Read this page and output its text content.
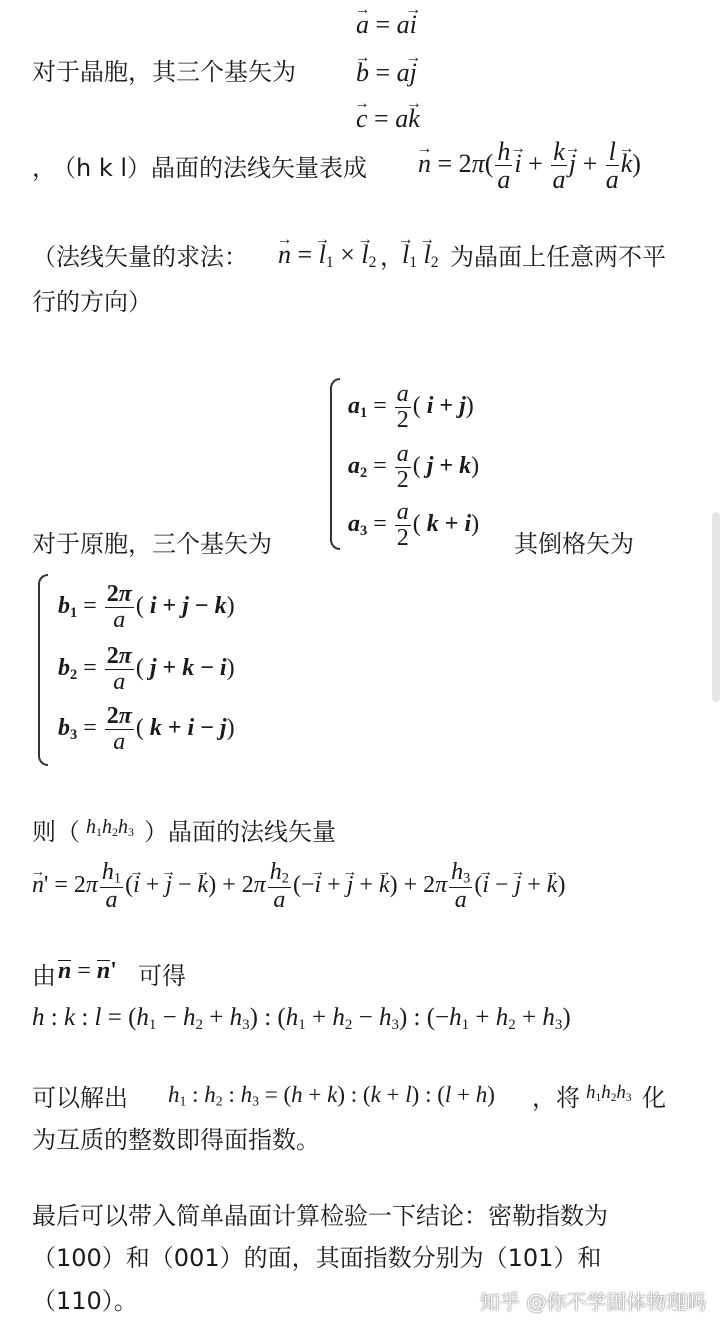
→ a = a→ i
对于晶胞，其三个基矢为
→ b = a→ j
→ c = a→ k
，
（h k l）晶面的法线矢量表成
→ $n = 2\pi( \frac{h}{a}$
→ $i + \frac{k}{a}$
→ $j + \frac{l}{a}$
→ k)
（法线矢量的求法：
→ n = → $l_1$ × → $l_2$ ，
→ $l_1 \to l_2$ 为晶面上任意两不平
行的方向）
$a_1 = \frac{a}{2}$ ( i + j)
$a_2 = \frac{a}{2}$ ( j + k)
$a_3 = \frac{a}{2}$ ( k + i)
对于原胞，三个基矢为	其倒格矢为
$b_1 = \frac{2\pi}{a}$ ( i + j − k)
$b_2 = \frac{2\pi}{a}$ ( j + k − i)
$b_3 = \frac{2\pi}{a}$ ( k + i − j)
则（ $h_1h_2h_3$ ）晶面的法线矢量
→ $n' = 2\pi \frac{h_1}{a}$ (→ i + → j − → $k) + 2\pi \frac{h_2}{a}$ (−→ i + → j + → $k) + 2\pi \frac{h_3}{a}$ (→ i − → j + → k)
由 n = n' 可得
h : k : $l = (h_1 - h_2 + h_3)$ : $(h_1 + h_2 - h_3)$ : $(-h_1 + h_2 + h_3)$
可以解出 $h_1$ : $h_2$ : $h_3 = (h + k)$ : (k + l) : (l + h) ，将 $h_1h_2h_3$ 化
为互质的整数即得面指数。
最后可以带入简单晶面计算检验一下结论：密勒指数为
（100）和（001）的面，其面指数分别为（101）和
（110）。	知乎 @你不学固体物理吗
